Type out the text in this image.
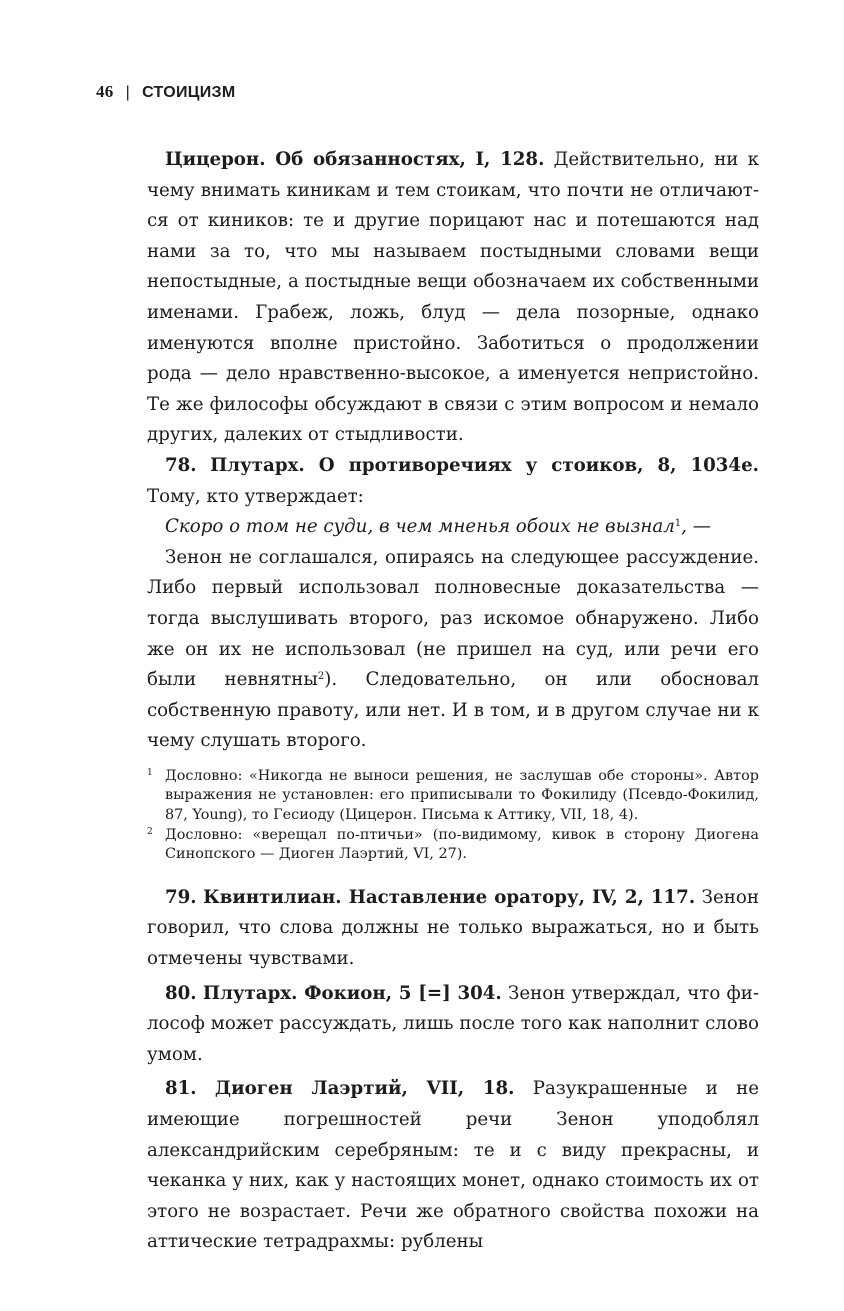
46 | СТОИЦИЗМ

Цицерон. Об обязанностях, I, 128. Действительно, ни к чему внимать киникам и тем стоикам, что почти не отличаются от киников: те и другие порицают нас и потешаются над нами за то, что мы называем постыдными словами вещи непостыдные, а постыдные вещи обозначаем их собственными именами. Грабеж, ложь, блуд — дела позорные, однако именуются вполне пристойно. Заботиться о продолжении рода — дело нравственно-высокое, а именуется непристойно. Те же философы обсуждают в связи с этим вопросом и немало других, далеких от стыдливости.

78. Плутарх. О противоречиях у стоиков, 8, 1034e. Тому, кто утверждает:

Скоро о том не суди, в чем мненья обоих не вызнал$^1$, —

Зенон не соглашался, опираясь на следующее рассуждение. Либо первый использовал полновесные доказательства — тогда выслушивать второго, раз искомое обнаружено. Либо же он их не использовал (не пришел на суд, или речи его были невнятны$^2$). Следовательно, он или обосновал собственную правоту, или нет. И в том, и в другом случае ни к чему слушать второго.

1 Дословно: «Никогда не выноси решения, не заслушав обе стороны». Автор выражения не установлен: его приписывали то Фокилиду (Псевдо-Фокилид, 87, Young), то Гесиоду (Цицерон. Письма к Аттику, VII, 18, 4).
2 Дословно: «верещал по-птичьи» (по-видимому, кивок в сторону Диогена Синопского — Диоген Лаэртий, VI, 27).

79. Квинтилиан. Наставление оратору, IV, 2, 117. Зенон говорил, что слова должны не только выражаться, но и быть отмечены чувствами.

80. Плутарх. Фокион, 5 [=] 304. Зенон утверждал, что философ может рассуждать, лишь после того как наполнит слово умом.

81. Диоген Лаэртий, VII, 18. Разукрашенные и не имеющие погрешностей речи Зенон уподоблял александрийским серебряным: те и с виду прекрасны, и чеканка у них, как у настоящих монет, однако стоимость их от этого не возрастает. Речи же обратного свойства похожи на аттические тетрадрахмы: рублены
